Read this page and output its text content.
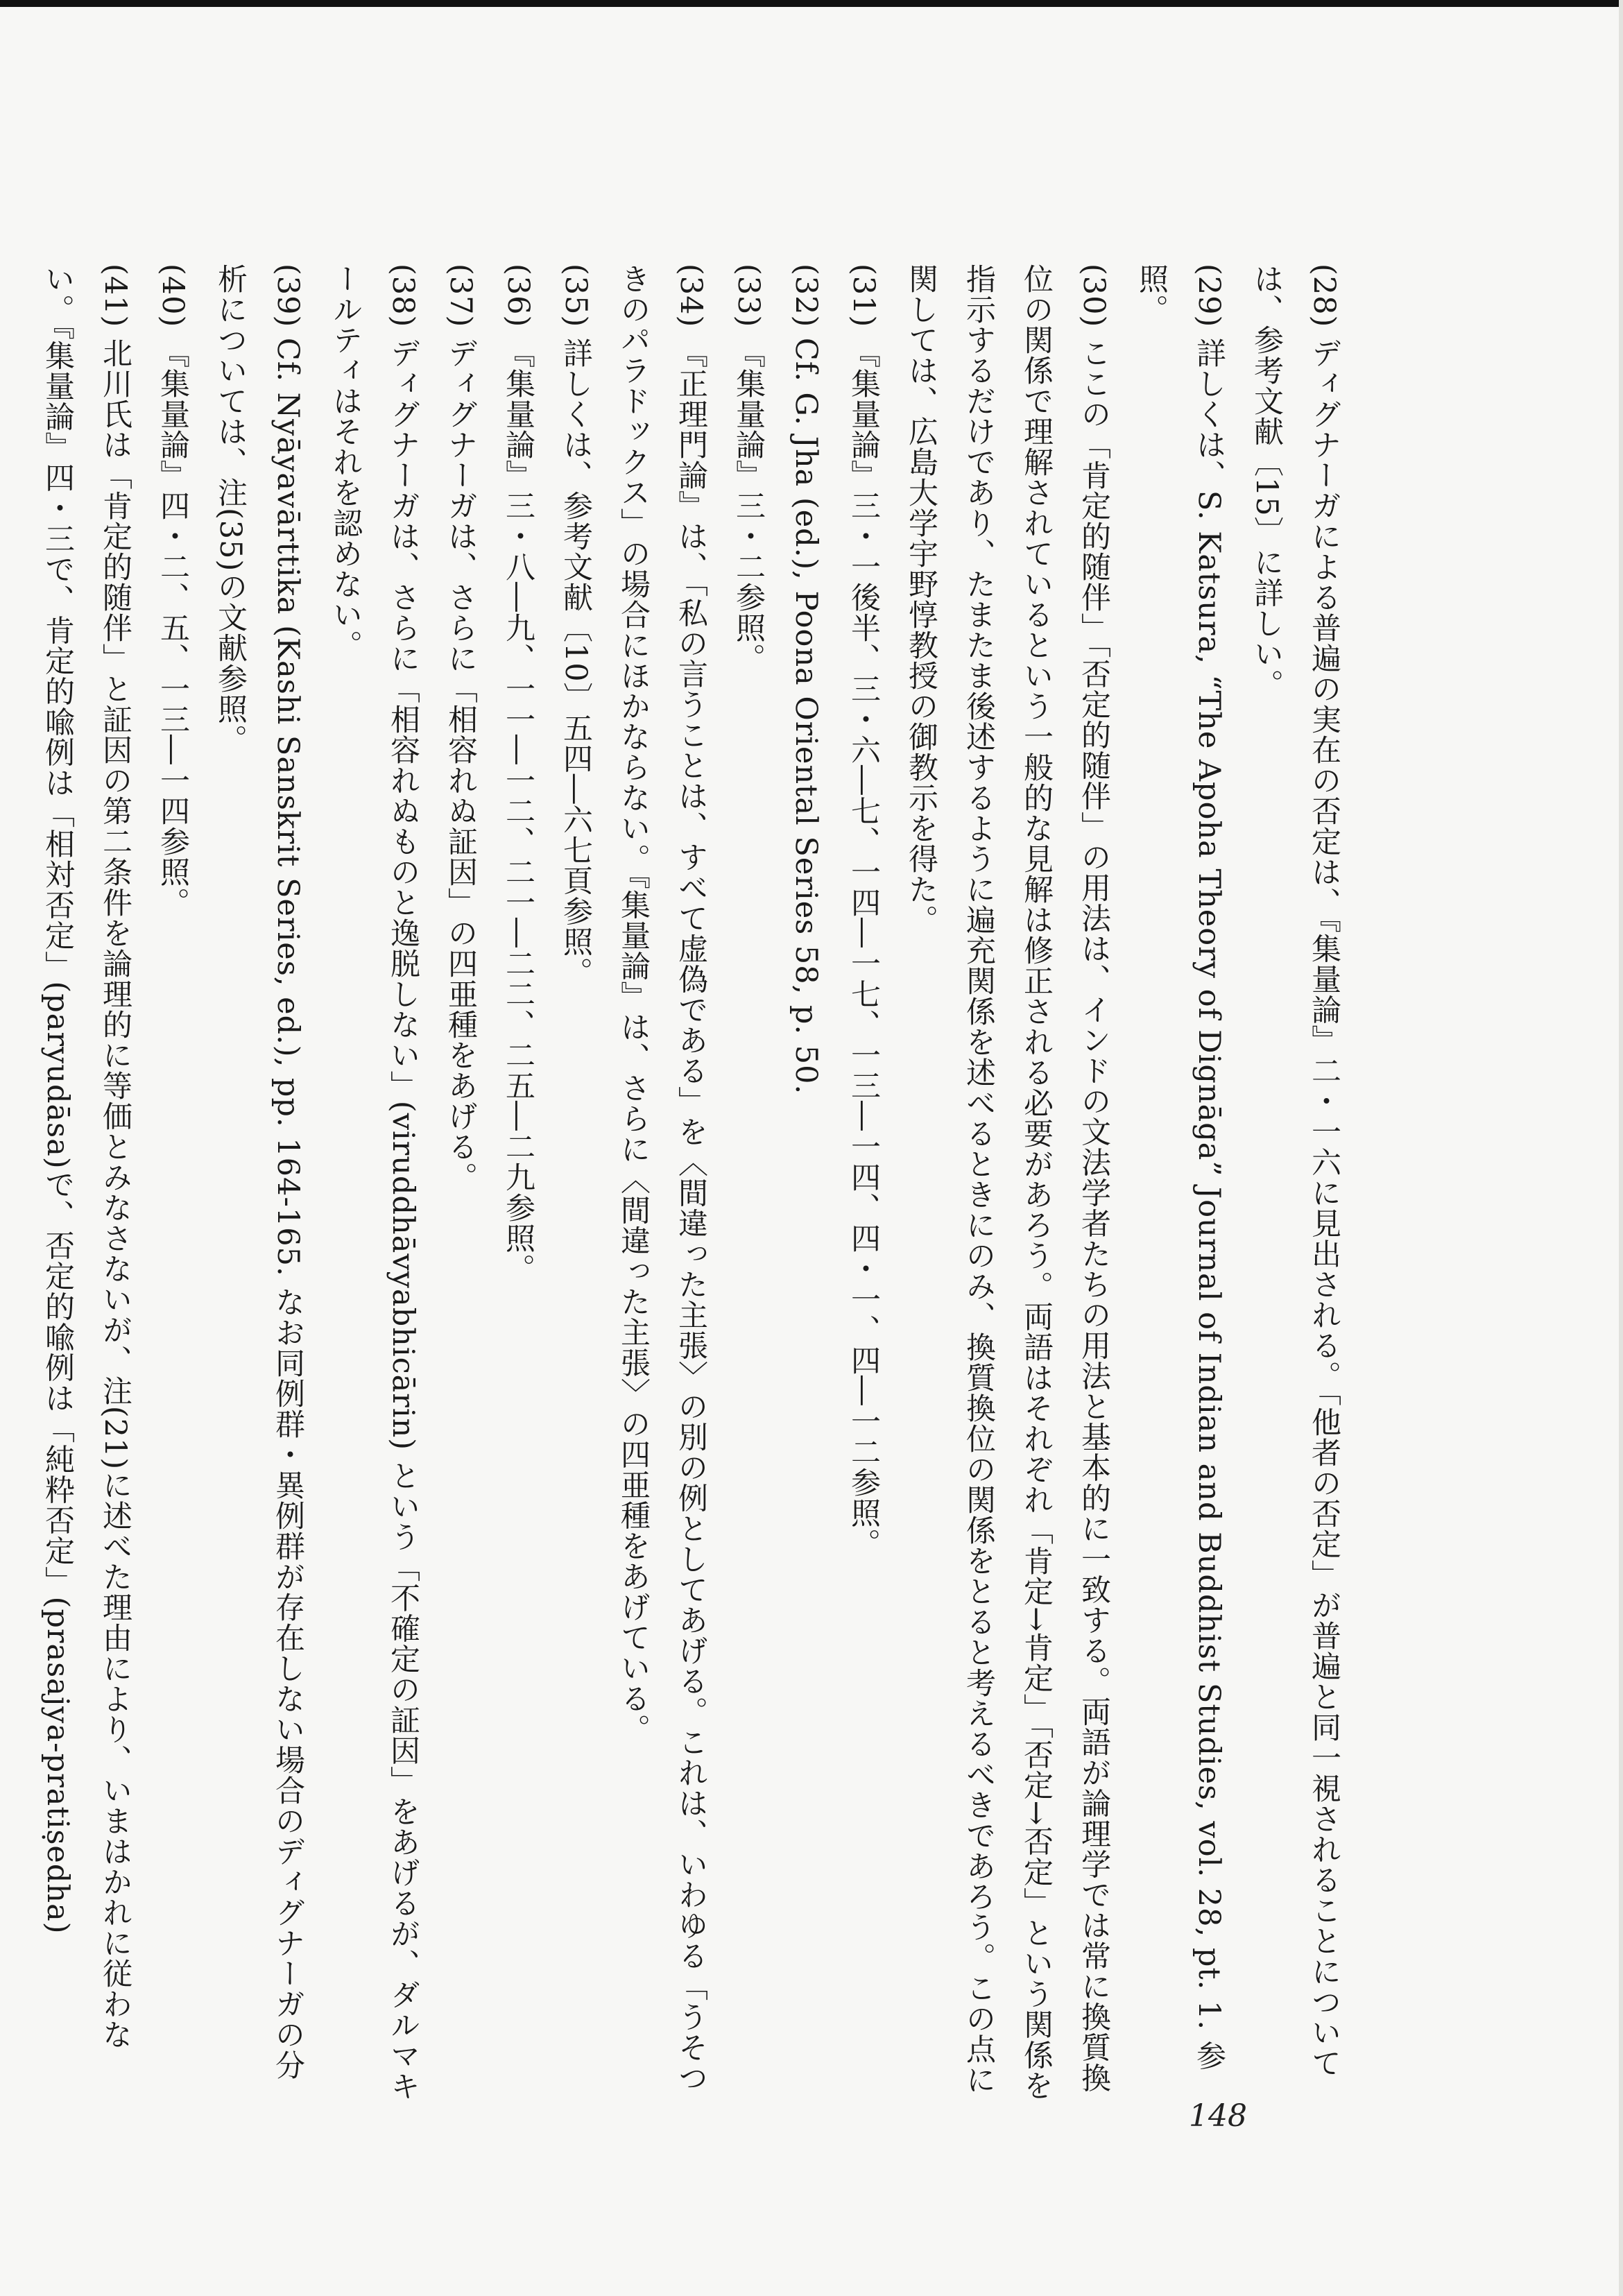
(28) ディグナーガによる普遍の実在の否定は、『集量論』二・一六に見出される。「他者の否定」が普遍と同一視されることについては、参考文献〔15〕に詳しい。

(29) 詳しくは、S. Katsura, “The Apoha Theory of Dignāga” Journal of Indian and Buddhist Studies, vol. 28, pt. 1. 参照。

(30) ここの「肯定的随伴」「否定的随伴」の用法は、インドの文法学者たちの用法と基本的に一致する。両語が論理学では常に換質換位の関係で理解されているという一般的な見解は修正される必要があろう。両語はそれぞれ「肯定→肯定」「否定→否定」という関係を指示するだけであり、たまたま後述するように遍充関係を述べるときにのみ、換質換位の関係をとると考えるべきであろう。この点に関しては、広島大学宇野惇教授の御教示を得た。

(31) 『集量論』三・一後半、三・六―七、一四―一七、一三―一四、四・一、四―一二参照。

(32) Cf. G. Jha (ed.), Poona Oriental Series 58, p. 50.

(33) 『集量論』三・二参照。

(34) 『正理門論』は、「私の言うことは、すべて虚偽である」を〈間違った主張〉の別の例としてあげる。これは、いわゆる「うそつきのパラドックス」の場合にほかならない。『集量論』は、さらに〈間違った主張〉の四亜種をあげている。

(35) 詳しくは、参考文献〔10〕五四―六七頁参照。

(36) 『集量論』三・八―九、一一―一二、二一―二二、二五―二九参照。

(37) ディグナーガは、さらに「相容れぬ証因」の四亜種をあげる。

(38) ディグナーガは、さらに「相容れぬものと逸脱しない」(viruddhāvyabhicārin) という「不確定の証因」をあげるが、ダルマキールティはそれを認めない。

(39) Cf. Nyāyavārttika (Kashi Sanskrit Series, ed.), pp. 164-165. なお同例群・異例群が存在しない場合のディグナーガの分析については、注(35)の文献参照。

(40) 『集量論』四・二、五、一三―一四参照。

(41) 北川氏は「肯定的随伴」と証因の第二条件を論理的に等価とみなさないが、注(21)に述べた理由により、いまはかれに従わない。『集量論』四・三で、肯定的喩例は「相対否定」(paryudāsa)で、否定的喩例は「純粋否定」(prasajya-pratiṣedha)

148
